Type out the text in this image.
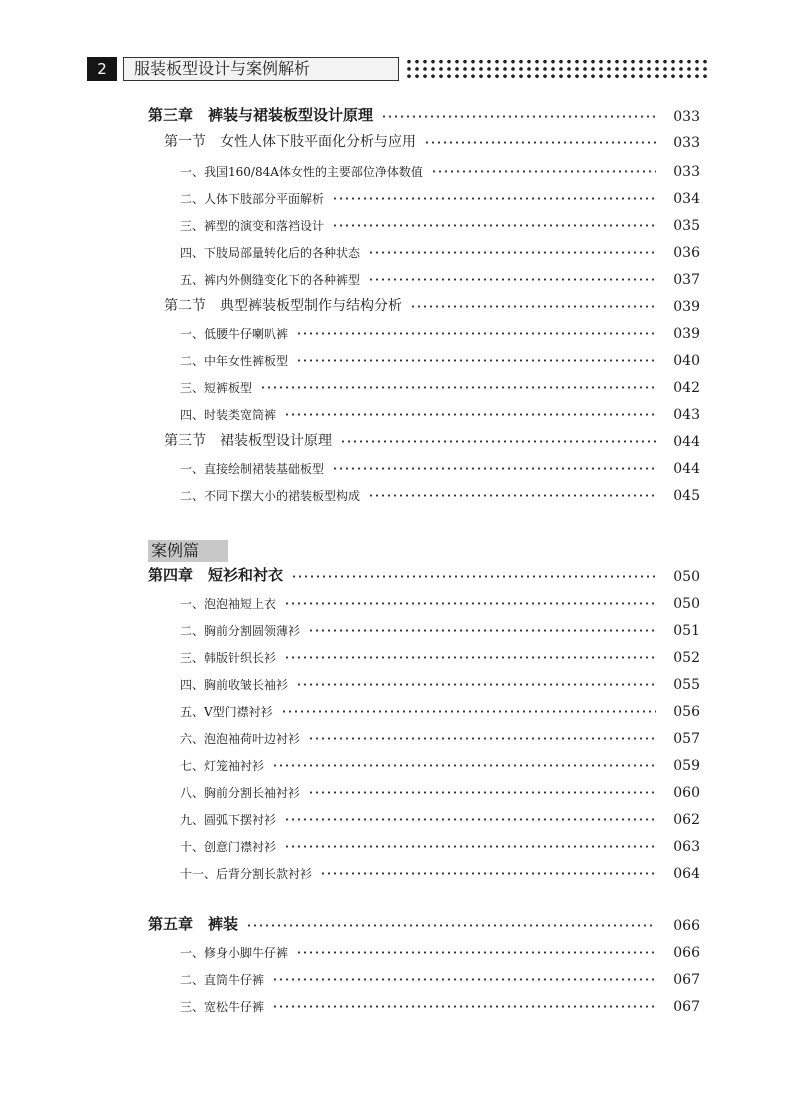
2	服装板型设计与案例解析
案例篇
第三章　裤装与裙装板型设计原理	033
第一节　女性人体下肢平面化分析与应用	033
一、我国160/84A体女性的主要部位净体数值	033
二、人体下肢部分平面解析	034
三、裤型的演变和落裆设计	035
四、下肢局部量转化后的各种状态	036
五、裤内外侧缝变化下的各种裤型	037
第二节　典型裤装板型制作与结构分析	039
一、低腰牛仔喇叭裤	039
二、中年女性裤板型	040
三、短裤板型	042
四、时装类宽筒裤	043
第三节　裙装板型设计原理	044
一、直接绘制裙装基础板型	044
二、不同下摆大小的裙装板型构成	045
第四章　短衫和衬衣	050
一、泡泡袖短上衣	050
二、胸前分割圆领薄衫	051
三、韩版针织长衫	052
四、胸前收皱长袖衫	055
五、V型门襟衬衫	056
六、泡泡袖荷叶边衬衫	057
七、灯笼袖衬衫	059
八、胸前分割长袖衬衫	060
九、圆弧下摆衬衫	062
十、创意门襟衬衫	063
十一、后背分割长款衬衫	064
第五章　裤装	066
一、修身小脚牛仔裤	066
二、直筒牛仔裤	067
三、宽松牛仔裤	067
